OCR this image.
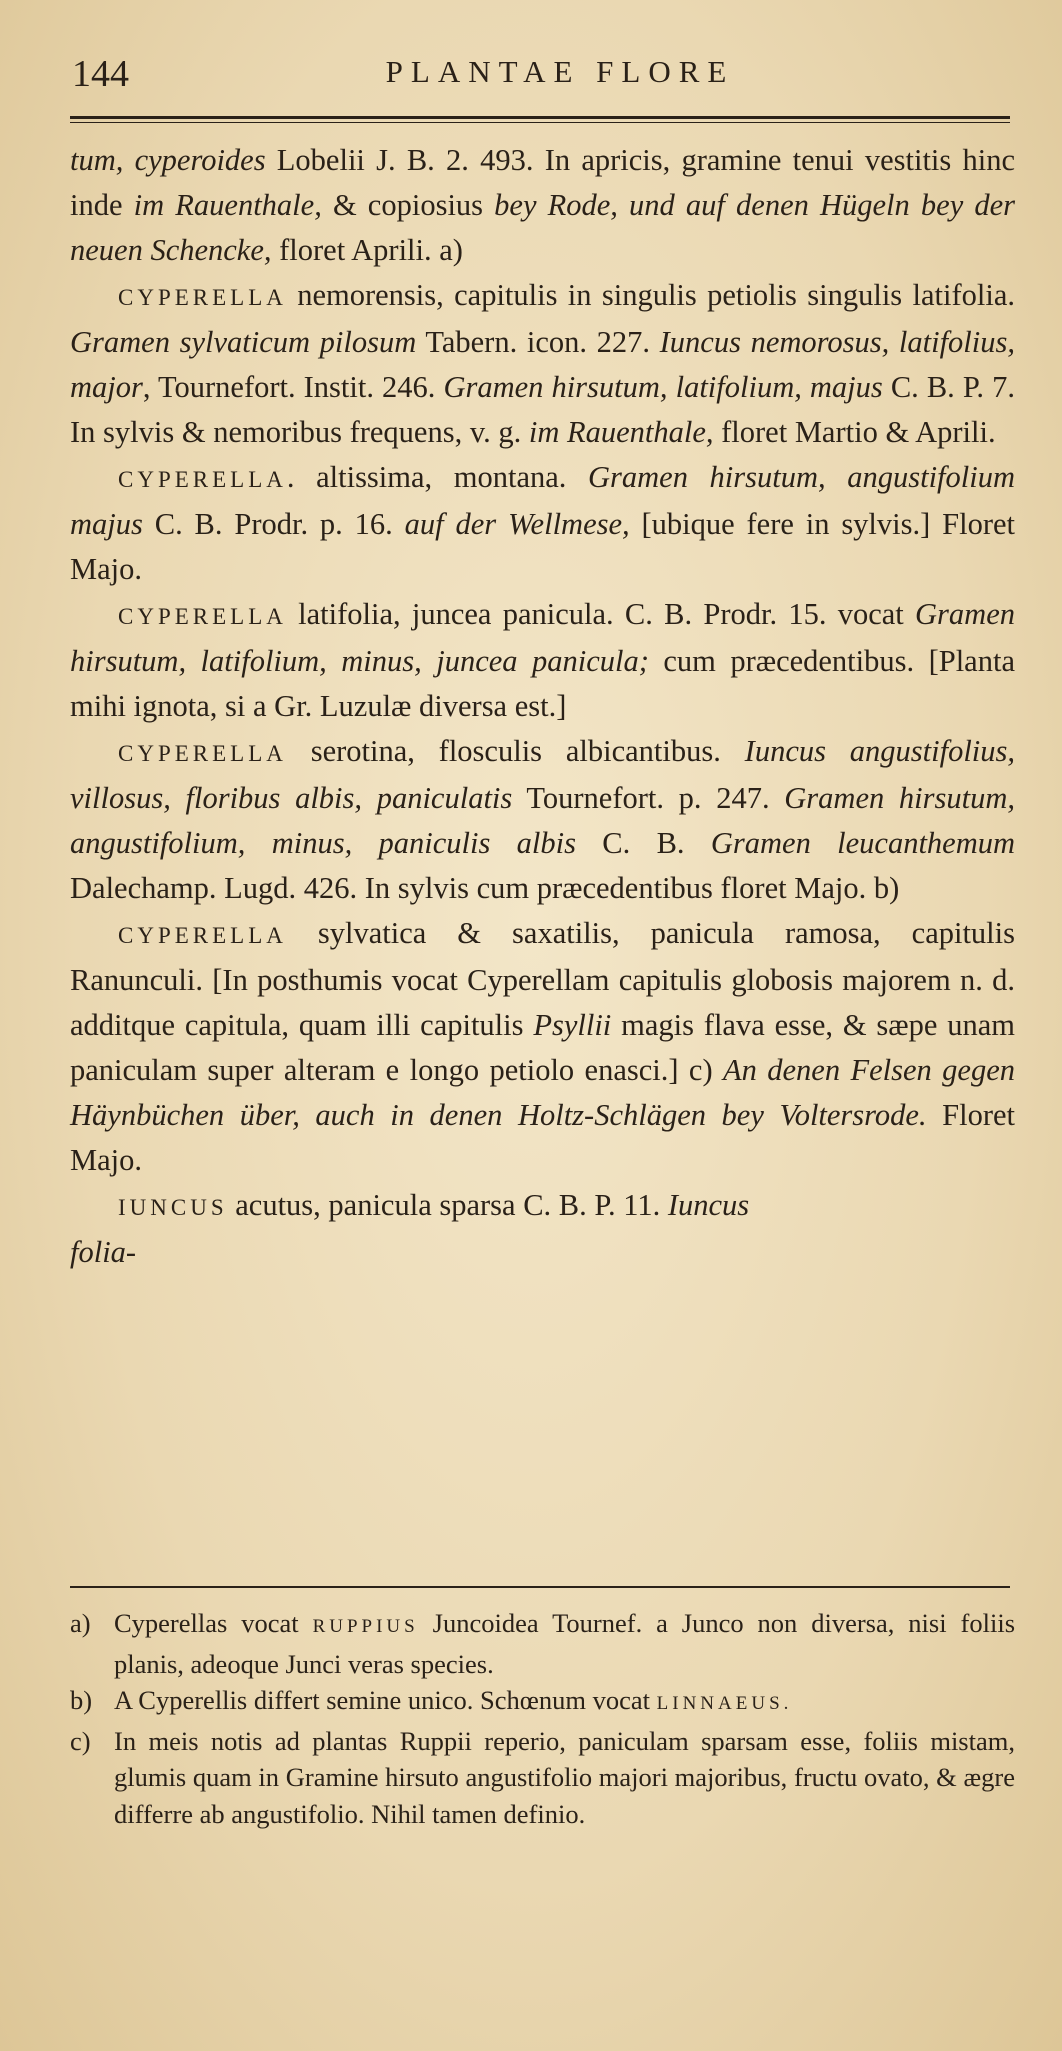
144	PLANTAE FLORE

tum, cyperoides Lobelii J. B. 2. 493. In apricis, gramine tenui vestitis hinc inde im Rauenthale, & copiosius bey Rode, und auf denen Hügeln bey der neuen Schencke, floret Aprili. a)

CYPERELLA nemorensis, capitulis in singulis petiolis singulis latifolia. Gramen sylvaticum pilosum Tabern. icon. 227. Iuncus nemorosus, latifolius, major, Tournefort. Instit. 246. Gramen hirsutum, latifolium, majus C. B. P. 7. In sylvis & nemoribus frequens, v. g. im Rauenthale, floret Martio & Aprili.

CYPERELLA. altissima, montana. Gramen hirsutum, angustifolium majus C. B. Prodr. p. 16. auf der Wellmese, [ubique fere in sylvis.] Floret Majo.

CYPERELLA latifolia, juncea panicula. C. B. Prodr. 15. vocat Gramen hirsutum, latifolium, minus, juncea panicula; cum præcedentibus. [Planta mihi ignota, si a Gr. Luzulæ diversa est.]

CYPERELLA serotina, flosculis albicantibus. Iuncus angustifolius, villosus, floribus albis, paniculatis Tournefort. p. 247. Gramen hirsutum, angustifolium, minus, paniculis albis C. B. Gramen leucanthemum Dalechamp. Lugd. 426. In sylvis cum præcedentibus floret Majo. b)

CYPERELLA sylvatica & saxatilis, panicula ramosa, capitulis Ranunculi. [In posthumis vocat Cyperellam capitulis globosis majorem n. d. additque capitula, quam illi capitulis Psyllii magis flava esse, & sæpe unam paniculam super alteram e longo petiolo enasci.] c) An denen Felsen gegen Häynbüchen über, auch in denen Holtz-Schlägen bey Voltersrode. Floret Majo.

IUNCUS acutus, panicula sparsa C. B. P. 11. Iuncus

folia-

a) Cyperellas vocat RUPPIUS Juncoidea Tournef. a Junco non diversa, nisi foliis planis, adeoque Junci veras species.
b) A Cyperellis differt semine unico. Schœnum vocat LINNAEUS.
c) In meis notis ad plantas Ruppii reperio, paniculam sparsam esse, foliis mistam, glumis quam in Gramine hirsuto angustifolio majori majoribus, fructu ovato, & ægre differre ab angustifolio. Nihil tamen definio.
